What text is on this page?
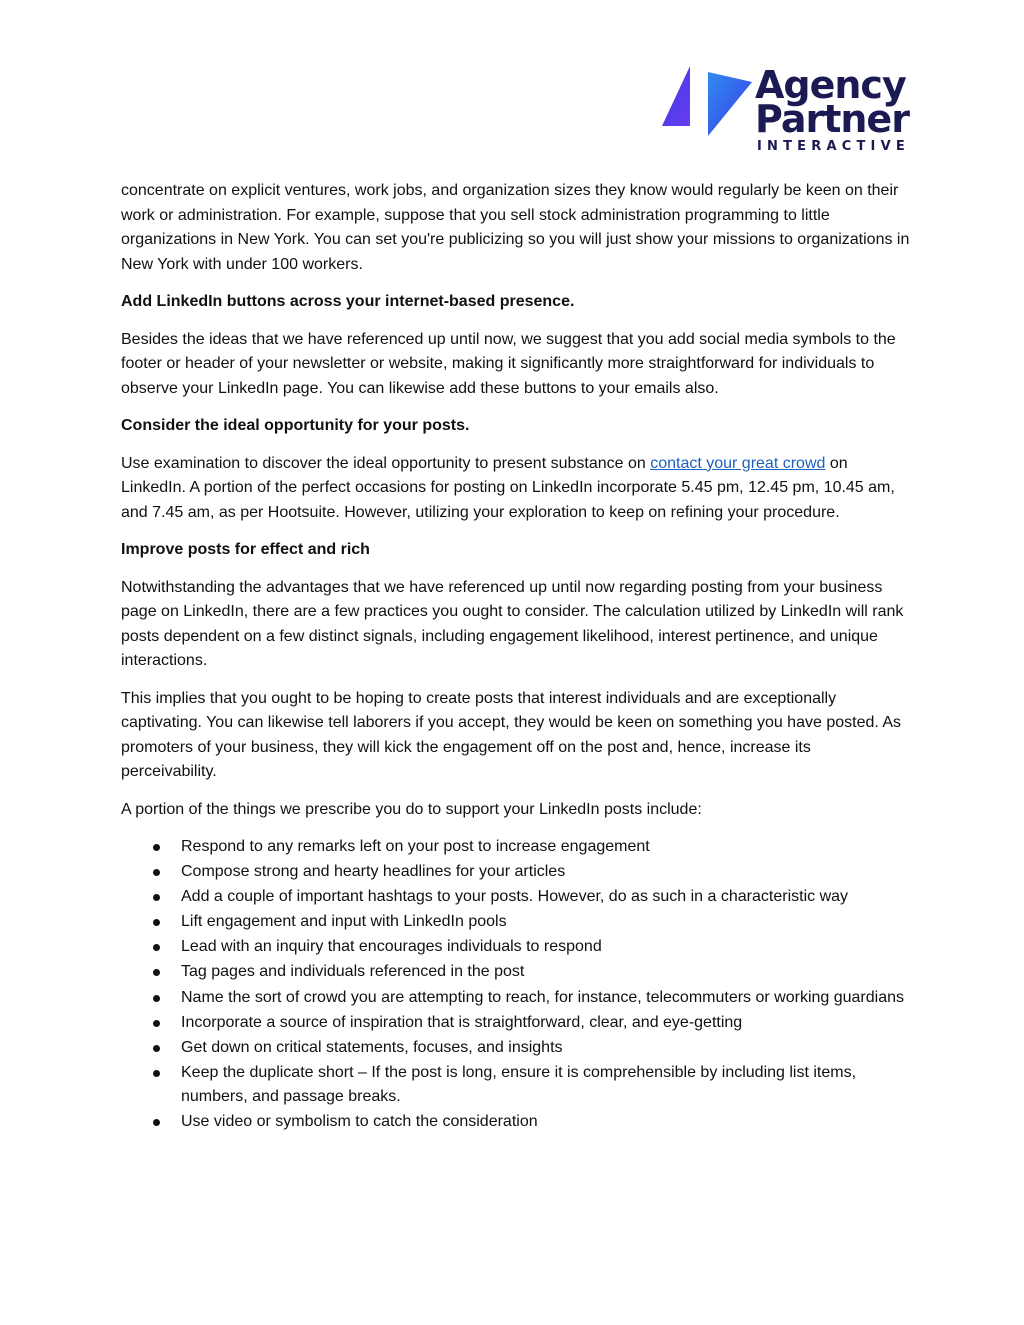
Agency
Partner
INTERACTIVE

concentrate on explicit ventures, work jobs, and organization sizes they know would regularly be keen on their work or administration. For example, suppose that you sell stock administration programming to little organizations in New York. You can set you're publicizing so you will just show your missions to organizations in New York with under 100 workers.

Add LinkedIn buttons across your internet-based presence.

Besides the ideas that we have referenced up until now, we suggest that you add social media symbols to the footer or header of your newsletter or website, making it significantly more straightforward for individuals to observe your LinkedIn page. You can likewise add these buttons to your emails also.

Consider the ideal opportunity for your posts.

Use examination to discover the ideal opportunity to present substance on contact your great crowd on LinkedIn. A portion of the perfect occasions for posting on LinkedIn incorporate 5.45 pm, 12.45 pm, 10.45 am, and 7.45 am, as per Hootsuite. However, utilizing your exploration to keep on refining your procedure.

Improve posts for effect and rich

Notwithstanding the advantages that we have referenced up until now regarding posting from your business page on LinkedIn, there are a few practices you ought to consider. The calculation utilized by LinkedIn will rank posts dependent on a few distinct signals, including engagement likelihood, interest pertinence, and unique interactions.

This implies that you ought to be hoping to create posts that interest individuals and are exceptionally captivating. You can likewise tell laborers if you accept, they would be keen on something you have posted. As promoters of your business, they will kick the engagement off on the post and, hence, increase its perceivability.

A portion of the things we prescribe you do to support your LinkedIn posts include:

Respond to any remarks left on your post to increase engagement
Compose strong and hearty headlines for your articles
Add a couple of important hashtags to your posts. However, do as such in a characteristic way
Lift engagement and input with LinkedIn pools
Lead with an inquiry that encourages individuals to respond
Tag pages and individuals referenced in the post
Name the sort of crowd you are attempting to reach, for instance, telecommuters or working guardians
Incorporate a source of inspiration that is straightforward, clear, and eye-getting
Get down on critical statements, focuses, and insights
Keep the duplicate short – If the post is long, ensure it is comprehensible by including list items, numbers, and passage breaks.
Use video or symbolism to catch the consideration
